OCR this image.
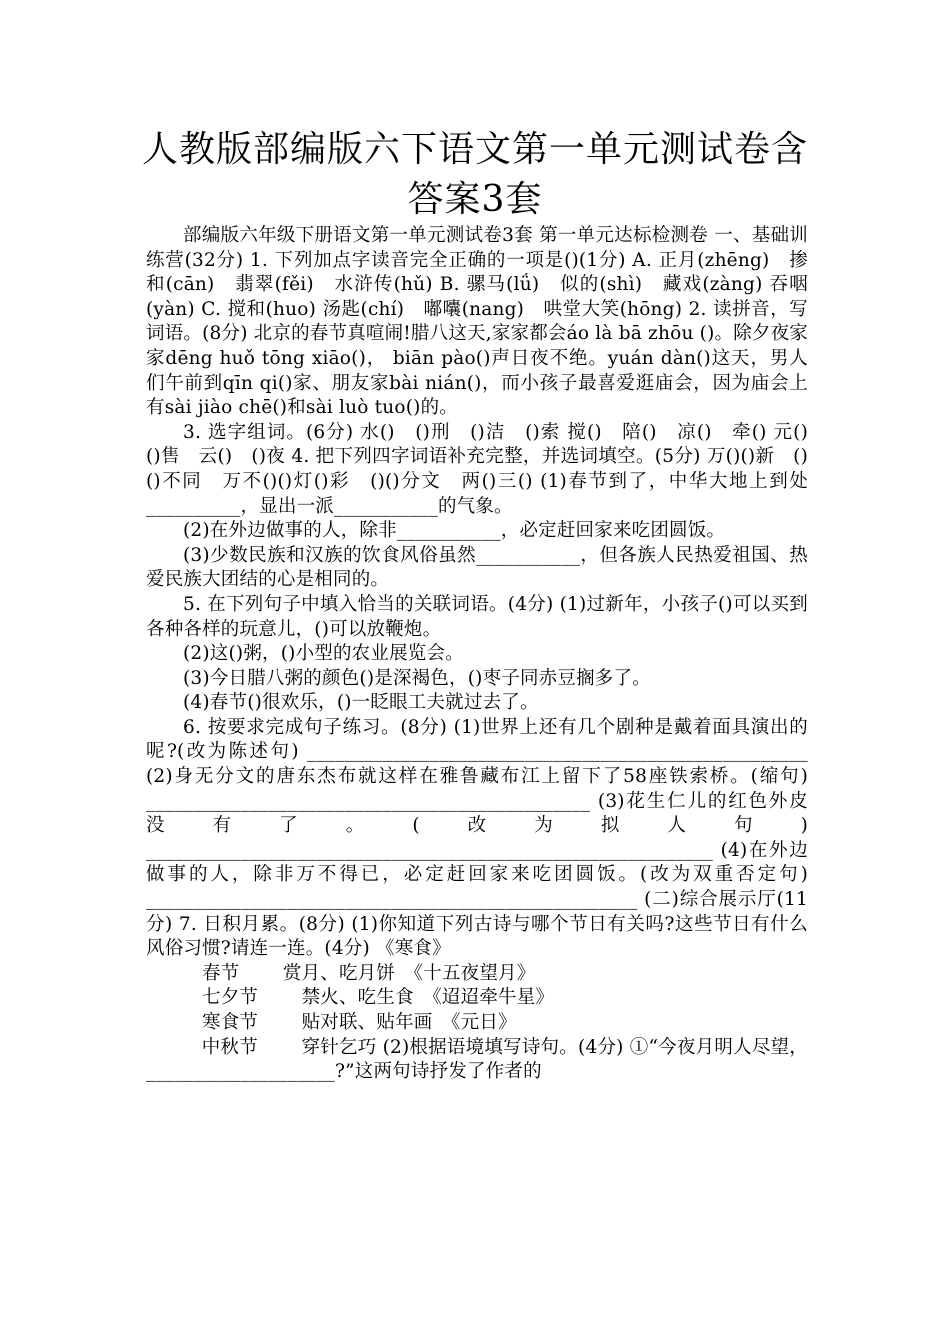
人教版部编版六下语文第一单元测试卷含
答案3套

部编版六年级下册语文第一单元测试卷3套 第一单元达标检测卷 一、基础训练营(32分) 1. 下列加点字读音完全正确的一项是()(1分) A. 正月(zhēng)　掺和(cān)　翡翠(fěi)　水浒传(hǔ) B. 骡马(lǘ)　似的(shì)　藏戏(zàng) 吞咽(yàn) C. 搅和(huo) 汤匙(chí)　嘟囔(nang)　哄堂大笑(hōng) 2. 读拼音，写词语。(8分) 北京的春节真喧闹!腊八这天,家家都会áo là bā zhōu ()。除夕夜家家dēng huǒ tōng xiāo()， biān pào()声日夜不绝。yuán dàn()这天，男人们午前到qīn qi()家、朋友家bài nián()，而小孩子最喜爱逛庙会，因为庙会上有sài jiào chē()和sài luò tuo()的。

3. 选字组词。(6分) 水()　()刑　()洁　()索 搅()　陪()　凉()　牵() 元()　()售　云()　()夜 4. 把下列四字词语补充完整，并选词填空。(5分) 万()()新　()()不同　万不()()灯()彩　()()分文　两()三() (1)春节到了，中华大地上到处__________，显出一派___________的气象。

(2)在外边做事的人，除非___________，必定赶回家来吃团圆饭。

(3)少数民族和汉族的饮食风俗虽然___________，但各族人民热爱祖国、热爱民族大团结的心是相同的。

5. 在下列句子中填入恰当的关联词语。(4分) (1)过新年，小孩子()可以买到各种各样的玩意儿，()可以放鞭炮。

(2)这()粥，()小型的农业展览会。

(3)今日腊八粥的颜色()是深褐色，()枣子同赤豆搁多了。

(4)春节()很欢乐，()一眨眼工夫就过去了。

6. 按要求完成句子练习。(8分) (1)世界上还有几个剧种是戴着面具演出的呢?(改为陈述句) _____________________________________________________ (2)身无分文的唐东杰布就这样在雅鲁藏布江上留下了58座铁索桥。(缩句) _______________________________________________ (3)花生仁儿的红色外皮没有了。(改为拟人句) ____________________________________________________________ (4)在外边做事的人，除非万不得已，必定赶回家来吃团圆饭。(改为双重否定句) ____________________________________________________ (二)综合展示厅(11分) 7. 日积月累。(8分) (1)你知道下列古诗与哪个节日有关吗?这些节日有什么风俗习惯?请连一连。(4分) 《寒食》

春节　　 赏月、吃月饼　《十五夜望月》

七夕节　　 禁火、吃生食　《迢迢牵牛星》

寒食节　　 贴对联、贴年画　《元日》

　中秋节　　 穿针乞巧 (2)根据语境填写诗句。(4分) ①“今夜月明人尽望，____________________?”这两句诗抒发了作者的
